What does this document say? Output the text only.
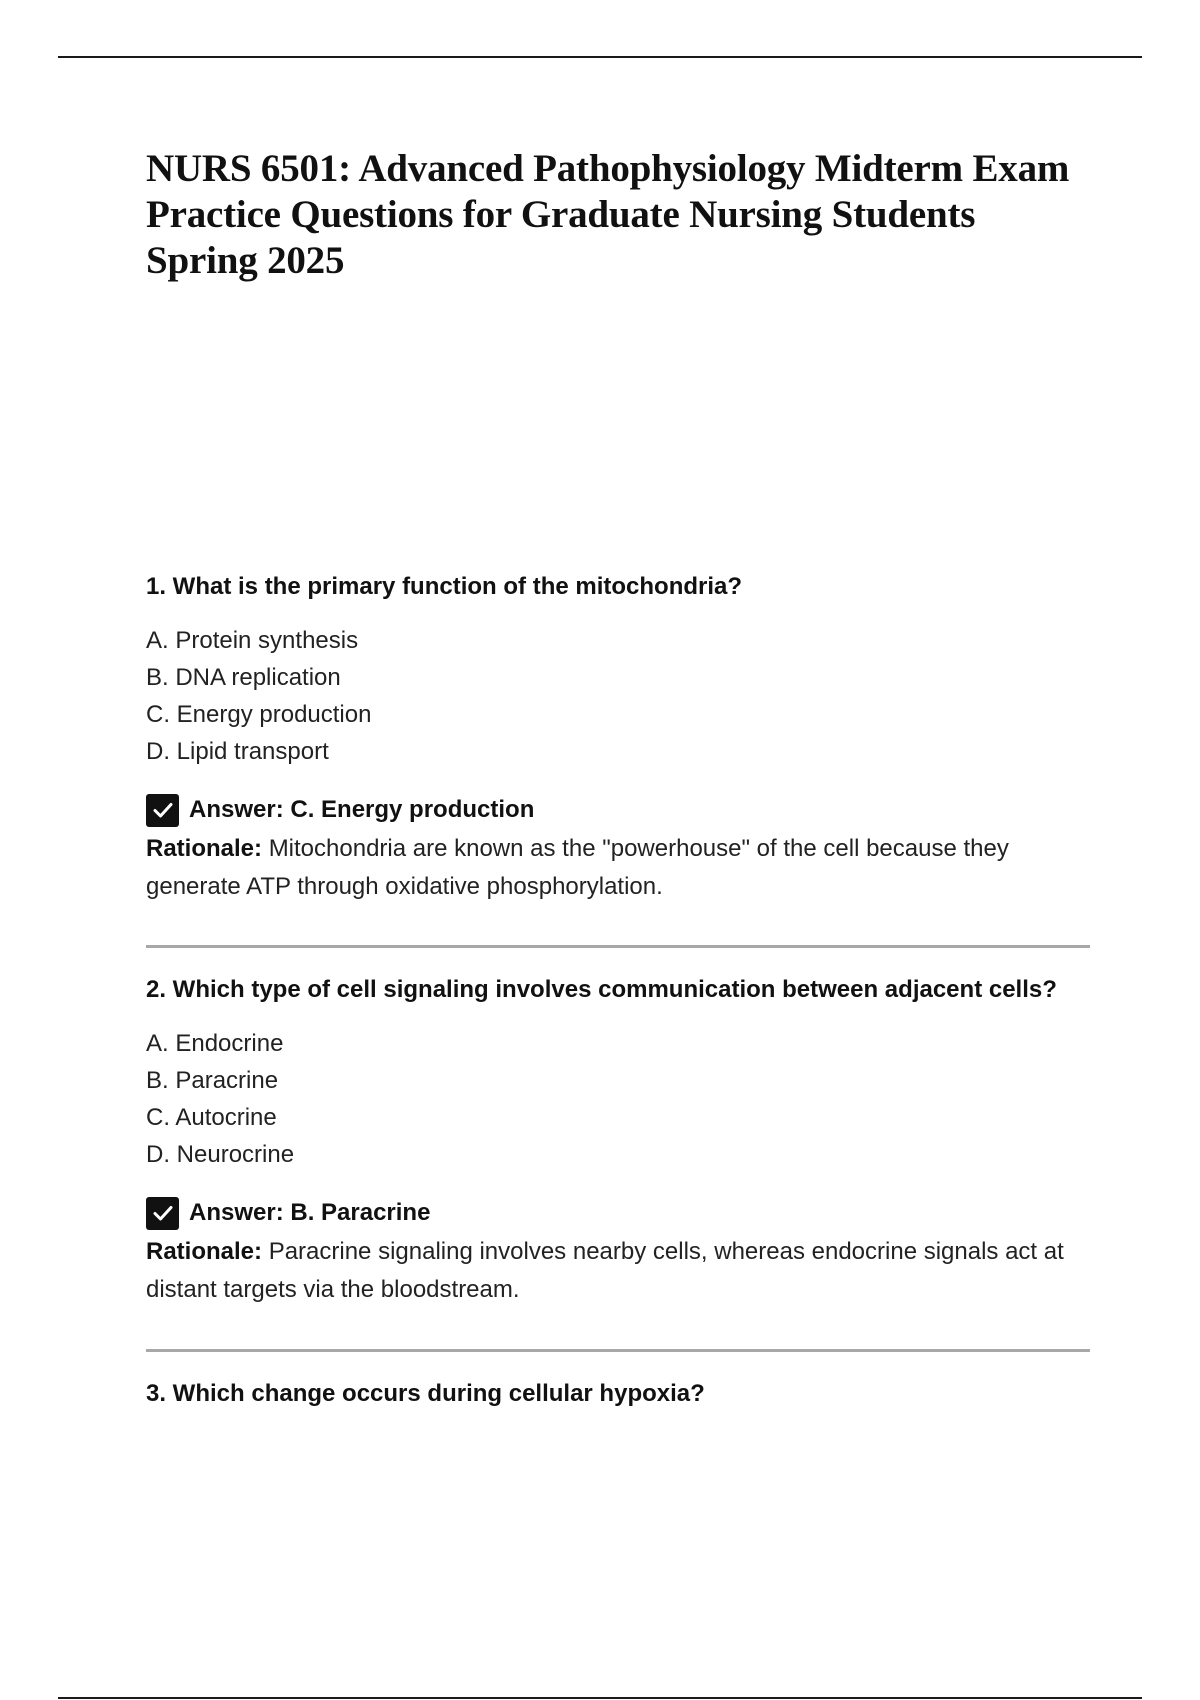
NURS 6501: Advanced Pathophysiology Midterm Exam Practice Questions for Graduate Nursing Students Spring 2025

1. What is the primary function of the mitochondria?

A. Protein synthesis
B. DNA replication
C. Energy production
D. Lipid transport
Answer: C. Energy production

Rationale: Mitochondria are known as the "powerhouse" of the cell because they generate ATP through oxidative phosphorylation.

2. Which type of cell signaling involves communication between adjacent cells?

A. Endocrine
B. Paracrine
C. Autocrine
D. Neurocrine
Answer: B. Paracrine

Rationale: Paracrine signaling involves nearby cells, whereas endocrine signals act at distant targets via the bloodstream.

3. Which change occurs during cellular hypoxia?
